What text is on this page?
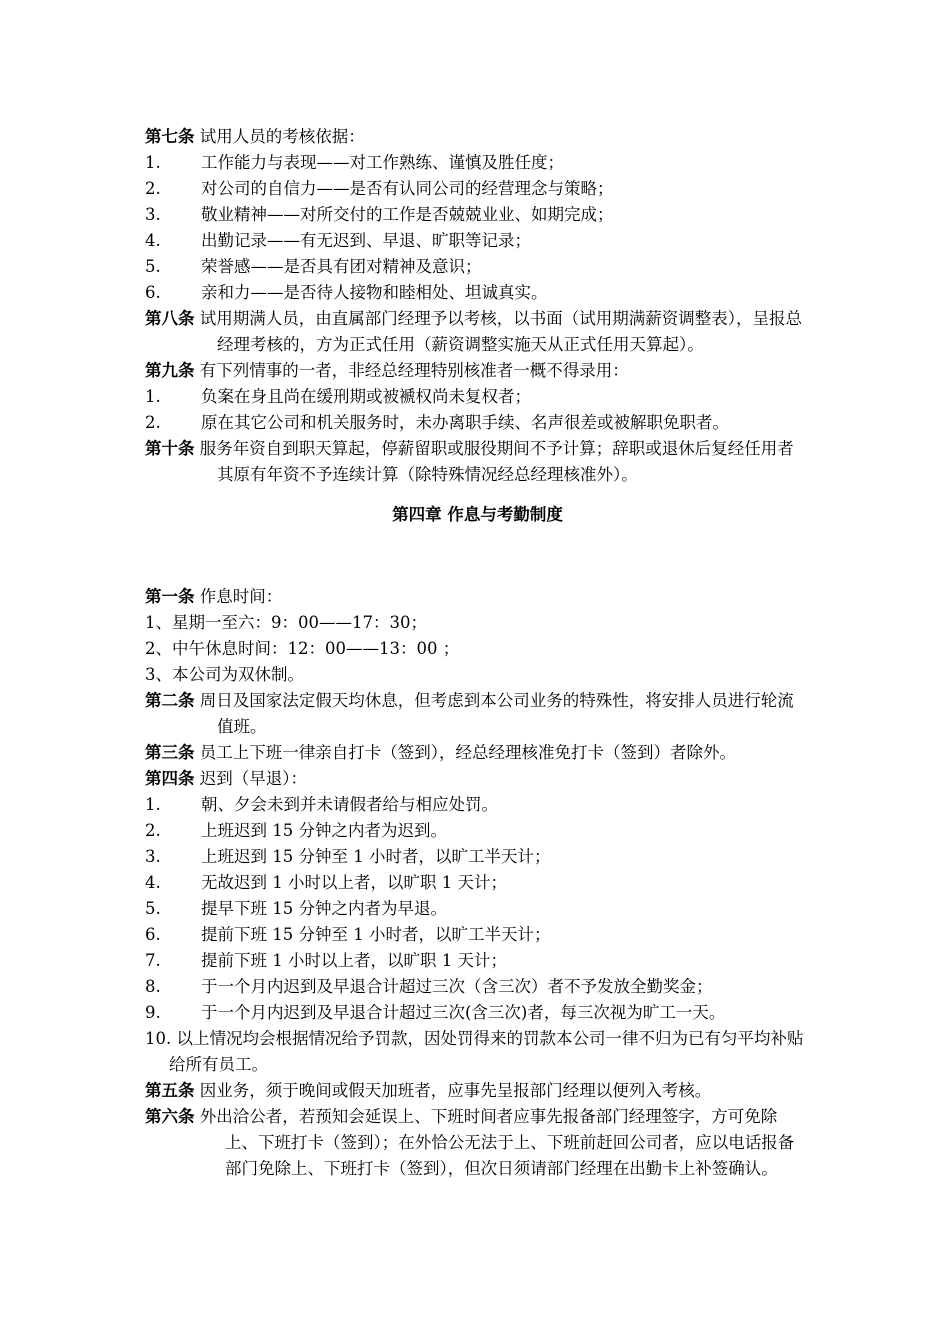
第七条 试用人员的考核依据：
1. 工作能力与表现——对工作熟练、谨慎及胜任度；
2. 对公司的自信力——是否有认同公司的经营理念与策略；
3. 敬业精神——对所交付的工作是否兢兢业业、如期完成；
4. 出勤记录——有无迟到、早退、旷职等记录；
5. 荣誉感——是否具有团对精神及意识；
6. 亲和力——是否待人接物和睦相处、坦诚真实。
第八条 试用期满人员，由直属部门经理予以考核，以书面（试用期满薪资调整表），呈报总经理考核的，方为正式任用（薪资调整实施天从正式任用天算起）。
第九条 有下列情事的一者，非经总经理特别核准者一概不得录用：
1. 负案在身且尚在缓刑期或被褫权尚未复权者；
2. 原在其它公司和机关服务时，未办离职手续、名声很差或被解职免职者。
第十条 服务年资自到职天算起，停薪留职或服役期间不予计算；辞职或退休后复经任用者其原有年资不予连续计算（除特殊情况经总经理核准外）。
第四章 作息与考勤制度
第一条 作息时间：
1、星期一至六：9：00——17：30；
2、中午休息时间：12：00——13：00 ；
3、本公司为双休制。
第二条 周日及国家法定假天均休息，但考虑到本公司业务的特殊性，将安排人员进行轮流值班。
第三条 员工上下班一律亲自打卡（签到），经总经理核准免打卡（签到）者除外。
第四条 迟到（早退）：
1. 朝、夕会未到并未请假者给与相应处罚。
2. 上班迟到 15 分钟之内者为迟到。
3. 上班迟到 15 分钟至 1 小时者，以旷工半天计；
4. 无故迟到 1 小时以上者，以旷职 1 天计；
5. 提早下班 15 分钟之内者为早退。
6. 提前下班 15 分钟至 1 小时者，以旷工半天计；
7. 提前下班 1 小时以上者，以旷职 1 天计；
8. 于一个月内迟到及早退合计超过三次（含三次）者不予发放全勤奖金；
9. 于一个月内迟到及早退合计超过三次(含三次)者，每三次视为旷工一天。
10. 以上情况均会根据情况给予罚款，因处罚得来的罚款本公司一律不归为已有匀平均补贴给所有员工。
第五条 因业务，须于晚间或假天加班者，应事先呈报部门经理以便列入考核。
第六条 外出洽公者，若预知会延误上、下班时间者应事先报备部门经理签字，方可免除上、下班打卡（签到）；在外恰公无法于上、下班前赶回公司者，应以电话报备部门免除上、下班打卡（签到），但次日须请部门经理在出勤卡上补签确认。
